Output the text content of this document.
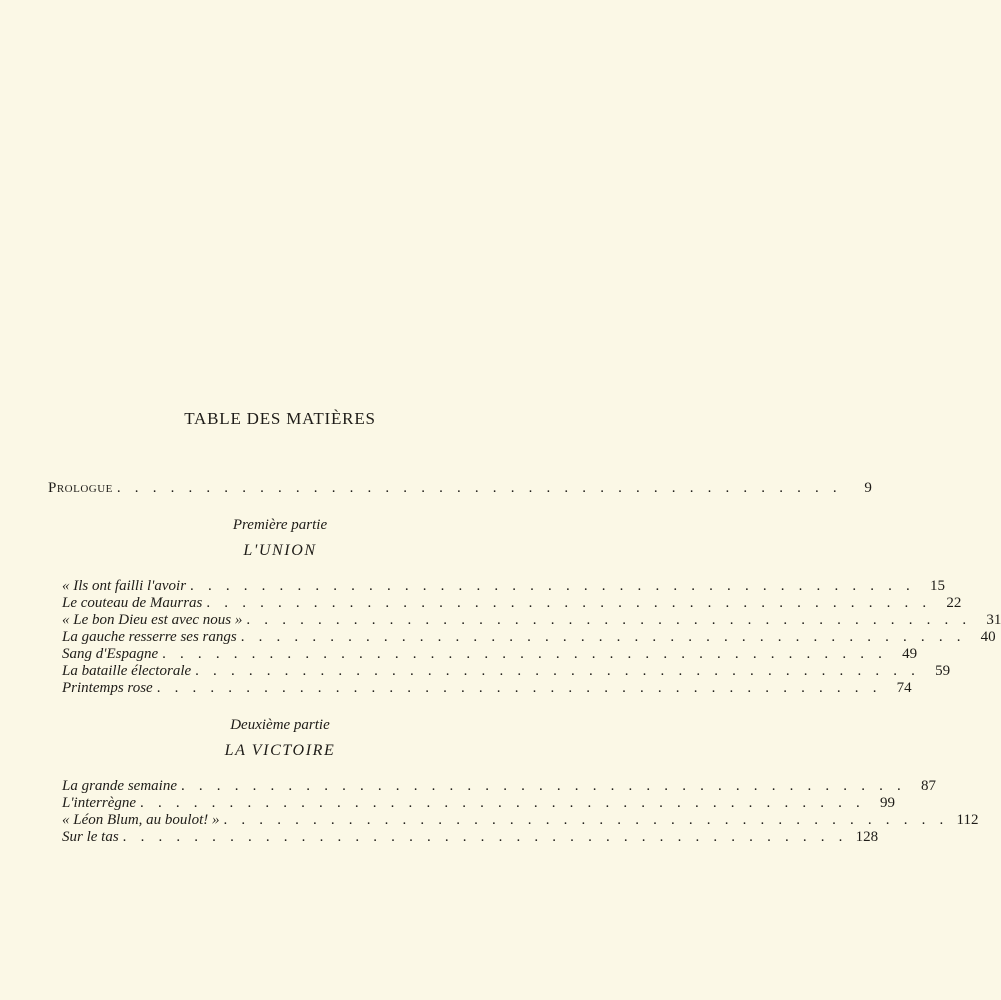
TABLE DES MATIÈRES
Prologue . . . . . . . . . . . . . . . . . . . . . . . . . . . . . . . . . . . . . . . . .	9
Première partie
L'UNION
« Ils ont failli l'avoir . . . . . . . . . . . . . . . . . . . . . . . . . . . . . . . . . . . . . . . . .	15
Le couteau de Maurras . . . . . . . . . . . . . . . . . . . . . . . . . . . . . . . . . . . . . . . . .	22
« Le bon Dieu est avec nous » . . . . . . . . . . . . . . . . . . . . . . . . . . . . . . . . . . . . . . . . .	31
La gauche resserre ses rangs . . . . . . . . . . . . . . . . . . . . . . . . . . . . . . . . . . . . . . . . .	40
Sang d'Espagne . . . . . . . . . . . . . . . . . . . . . . . . . . . . . . . . . . . . . . . . .	49
La bataille électorale . . . . . . . . . . . . . . . . . . . . . . . . . . . . . . . . . . . . . . . . .	59
Printemps rose . . . . . . . . . . . . . . . . . . . . . . . . . . . . . . . . . . . . . . . . .	74
Deuxième partie
LA VICTOIRE
La grande semaine . . . . . . . . . . . . . . . . . . . . . . . . . . . . . . . . . . . . . . . . .	87
L'interrègne . . . . . . . . . . . . . . . . . . . . . . . . . . . . . . . . . . . . . . . . .	99
« Léon Blum, au boulot! » . . . . . . . . . . . . . . . . . . . . . . . . . . . . . . . . . . . . . . . . . 112
Sur le tas . . . . . . . . . . . . . . . . . . . . . . . . . . . . . . . . . . . . . . . . . 128
